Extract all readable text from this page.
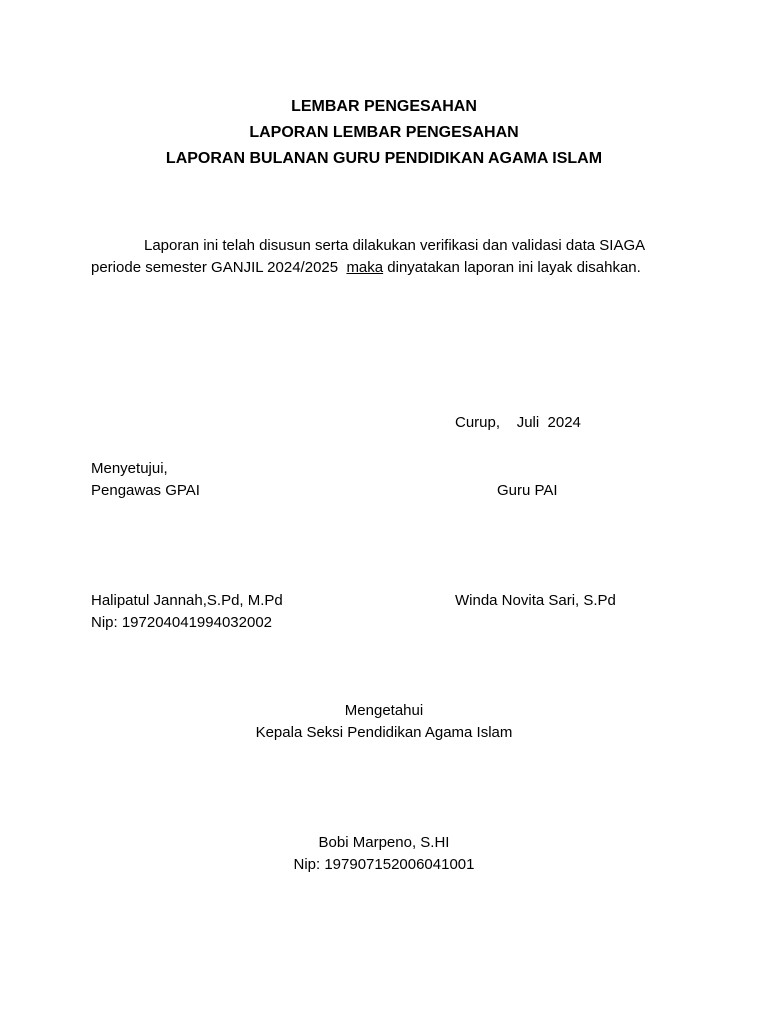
LEMBAR PENGESAHAN
LAPORAN LEMBAR PENGESAHAN
LAPORAN BULANAN GURU PENDIDIKAN AGAMA ISLAM
Laporan ini telah disusun serta dilakukan verifikasi dan validasi data SIAGA
periode semester GANJIL 2024/2025  maka dinyatakan laporan ini layak disahkan.
Curup,    Juli  2024
Menyetujui,
Pengawas GPAI	Guru PAI
Halipatul Jannah,S.Pd, M.Pd
Nip: 197204041994032002
Winda Novita Sari, S.Pd
Mengetahui
Kepala Seksi Pendidikan Agama Islam
Bobi Marpeno, S.HI
Nip: 197907152006041001
